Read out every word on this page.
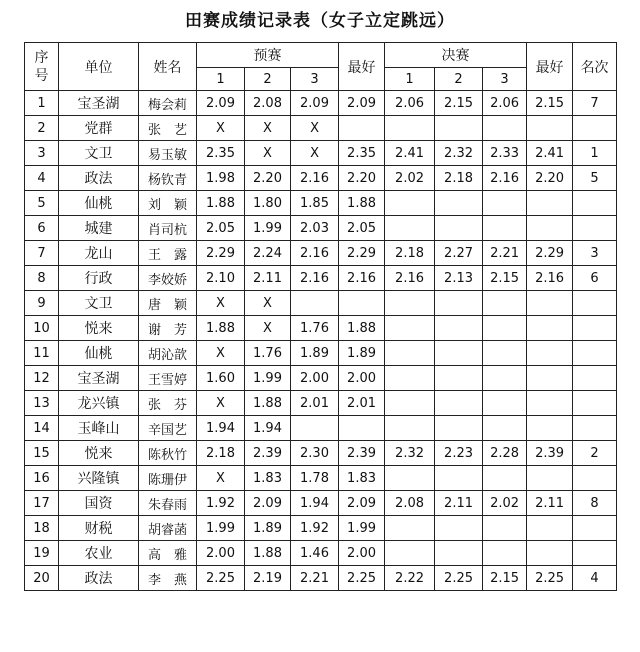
田赛成绩记录表（女子立定跳远）
序
号	单位	姓名	预赛			最好	决赛			最好	名次
			1	2	3		1	2	3		
1	宝圣湖	梅会莉	2.09	2.08	2.09	2.09	2.06	2.15	2.06	2.15	7
2	党群	张　艺	X	X	X						
3	文卫	易玉敏	2.35	X	X	2.35	2.41	2.32	2.33	2.41	1
4	政法	杨钦青	1.98	2.20	2.16	2.20	2.02	2.18	2.16	2.20	5
5	仙桃	刘　颖	1.88	1.80	1.85	1.88					
6	城建	肖司杭	2.05	1.99	2.03	2.05					
7	龙山	王　露	2.29	2.24	2.16	2.29	2.18	2.27	2.21	2.29	3
8	行政	李姣娇	2.10	2.11	2.16	2.16	2.16	2.13	2.15	2.16	6
9	文卫	唐　颖	X	X							
10	悦来	谢　芳	1.88	X	1.76	1.88					
11	仙桃	胡沁歆	X	1.76	1.89	1.89					
12	宝圣湖	王雪婷	1.60	1.99	2.00	2.00					
13	龙兴镇	张　芬	X	1.88	2.01	2.01					
14	玉峰山	辛国艺	1.94	1.94							
15	悦来	陈秋竹	2.18	2.39	2.30	2.39	2.32	2.23	2.28	2.39	2
16	兴隆镇	陈珊伊	X	1.83	1.78	1.83					
17	国资	朱春雨	1.92	2.09	1.94	2.09	2.08	2.11	2.02	2.11	8
18	财税	胡睿菡	1.99	1.89	1.92	1.99					
19	农业	高　雅	2.00	1.88	1.46	2.00					
20	政法	李　燕	2.25	2.19	2.21	2.25	2.22	2.25	2.15	2.25	4
